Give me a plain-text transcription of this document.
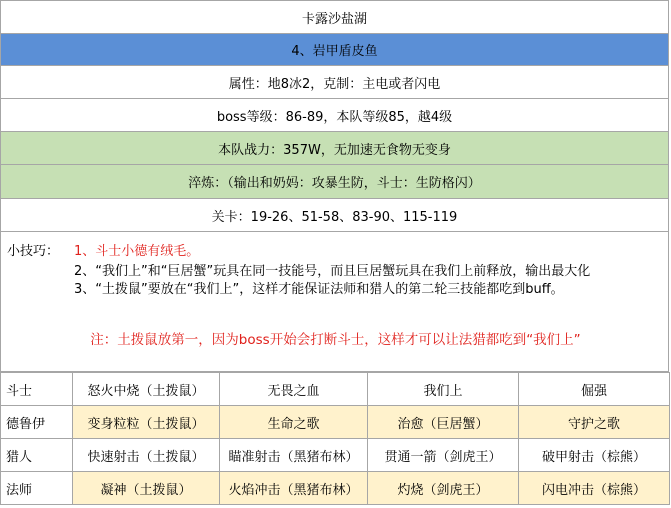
卡露沙盐湖
4、岩甲盾皮鱼
属性：地8冰2，克制：主电或者闪电
boss等级：86-89，本队等级85，越4级
本队战力：357W，无加速无食物无变身
淬炼：（输出和奶妈：攻暴生防，斗士：生防格闪）
关卡：19-26、51-58、83-90、115-119
小技巧： 1、斗士小德有绒毛。
2、“我们上”和“巨居蟹”玩具在同一技能号，而且巨居蟹玩具在我们上前释放，输出最大化
3、“土拨鼠”要放在“我们上”，这样才能保证法师和猎人的第二轮三技能都吃到buff。
注：土拨鼠放第一，因为boss开始会打断斗士，这样才可以让法猎都吃到“我们上”
斗士	怒火中烧（土拨鼠）	无畏之血	我们上	倔强
德鲁伊	变身粒粒（土拨鼠）	生命之歌	治愈（巨居蟹）	守护之歌
猎人	快速射击（土拨鼠）	瞄准射击（黑猪布林）	贯通一箭（剑虎王）	破甲射击（棕熊）
法师	凝神（土拨鼠）	火焰冲击（黑猪布林）	灼烧（剑虎王）	闪电冲击（棕熊）
